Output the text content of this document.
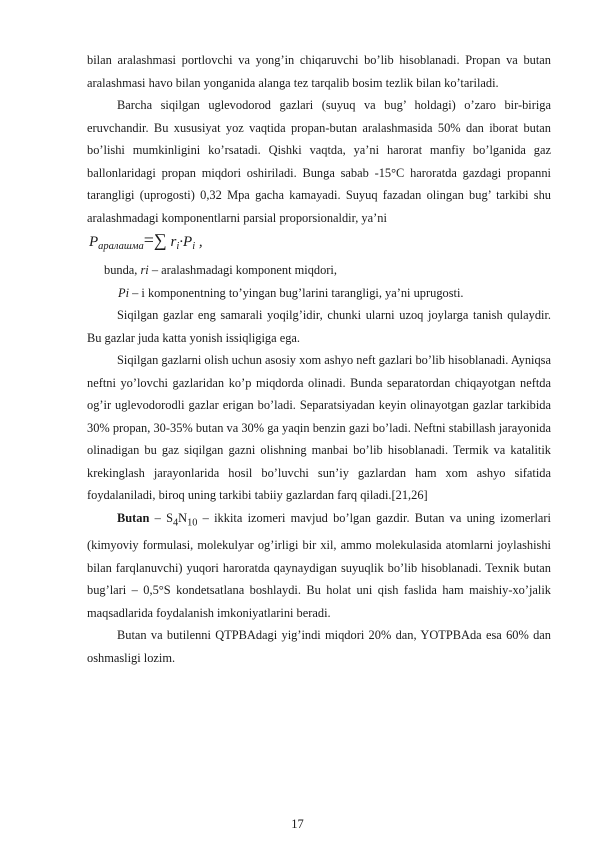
bilan aralashmasi portlovchi va yong’in chiqaruvchi bo’lib hisoblanadi. Propan va butan aralashmasi havo bilan yonganida alanga tez tarqalib bosim tezlik bilan ko’tariladi.

Barcha siqilgan uglevodorod gazlari (suyuq va bug’ holdagi) o’zaro bir-biriga eruvchandir. Bu xususiyat yoz vaqtida propan-butan aralashmasida 50% dan iborat butan bo’lishi mumkinligini ko’rsatadi. Qishki vaqtda, ya’ni harorat manfiy bo’lganida gaz ballonlaridagi propan miqdori oshiriladi. Bunga sabab -15°C haroratda gazdagi propanni tarangligi (uprogosti) 0,32 Mpa gacha kamayadi. Suyuq fazadan olingan bug’ tarkibi shu aralashmadagi komponentlarni parsial proporsionaldir, ya’ni

$P_{аралашма}=\sum$ $r_i\cdot P_i$ ,

bunda, ri – aralashmadagi komponent miqdori,

Pi – i komponentning to’yingan bug’larini tarangligi, ya’ni uprugosti.

Siqilgan gazlar eng samarali yoqilg’idir, chunki ularni uzoq joylarga tanish qulaydir. Bu gazlar juda katta yonish issiqligiga ega.

Siqilgan gazlarni olish uchun asosiy xom ashyo neft gazlari bo’lib hisoblanadi. Ayniqsa neftni yo’lovchi gazlaridan ko’p miqdorda olinadi. Bunda separatordan chiqayotgan neftda og’ir uglevodorodli gazlar erigan bo’ladi. Separatsiyadan keyin olinayotgan gazlar tarkibida 30% propan, 30-35% butan va 30% ga yaqin benzin gazi bo’ladi. Neftni stabillash jarayonida olinadigan bu gaz siqilgan gazni olishning manbai bo’lib hisoblanadi. Termik va katalitik krekinglash jarayonlarida hosil bo’luvchi sun’iy gazlardan ham xom ashyo sifatida foydalaniladi, biroq uning tarkibi tabiiy gazlardan farq qiladi.[21,26]

Butan – $S_4N_{10}$ – ikkita izomeri mavjud bo’lgan gazdir. Butan va uning izomerlari (kimyoviy formulasi, molekulyar og’irligi bir xil, ammo molekulasida atomlarni joylashishi bilan farqlanuvchi) yuqori haroratda qaynaydigan suyuqlik bo’lib hisoblanadi. Texnik butan bug’lari – 0,5°S kondetsatlana boshlaydi. Bu holat uni qish faslida ham maishiy-xo’jalik maqsadlarida foydalanish imkoniyatlarini beradi.

Butan va butilenni QTPBAdagi yig’indi miqdori 20% dan, YOTPBAda esa 60% dan oshmasligi lozim.

17
